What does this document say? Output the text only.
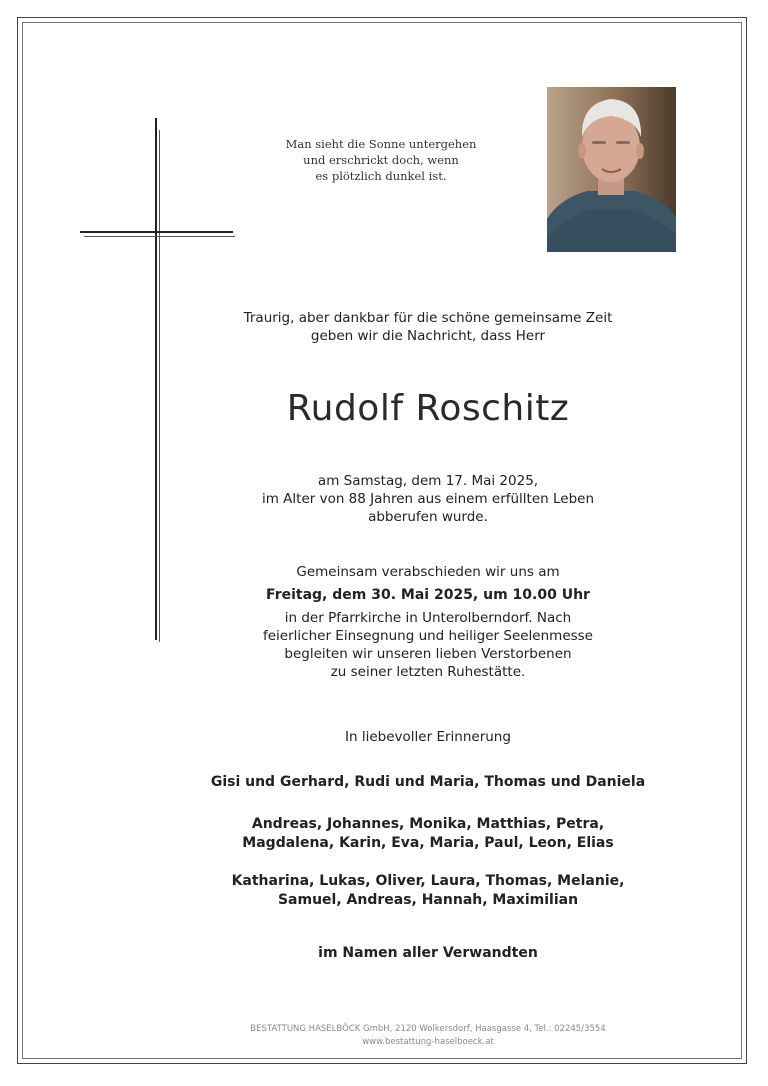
Man sieht die Sonne untergehen
und erschrickt doch, wenn
es plötzlich dunkel ist.
Traurig, aber dankbar für die schöne gemeinsame Zeit
geben wir die Nachricht, dass Herr
Rudolf Roschitz
am Samstag, dem 17. Mai 2025,
im Alter von 88 Jahren aus einem erfüllten Leben
abberufen wurde.
Gemeinsam verabschieden wir uns am
Freitag, dem 30. Mai 2025, um 10.00 Uhr
in der Pfarrkirche in Unterolberndorf. Nach
feierlicher Einsegnung und heiliger Seelenmesse
begleiten wir unseren lieben Verstorbenen
zu seiner letzten Ruhestätte.
In liebevoller Erinnerung
Gisi und Gerhard, Rudi und Maria, Thomas und Daniela
Andreas, Johannes, Monika, Matthias, Petra,
Magdalena, Karin, Eva, Maria, Paul, Leon, Elias
Katharina, Lukas, Oliver, Laura, Thomas, Melanie,
Samuel, Andreas, Hannah, Maximilian
im Namen aller Verwandten
BESTATTUNG HASELBÖCK GmbH, 2120 Wolkersdorf, Haasgasse 4, Tel.: 02245/3554
www.bestattung-haselboeck.at
